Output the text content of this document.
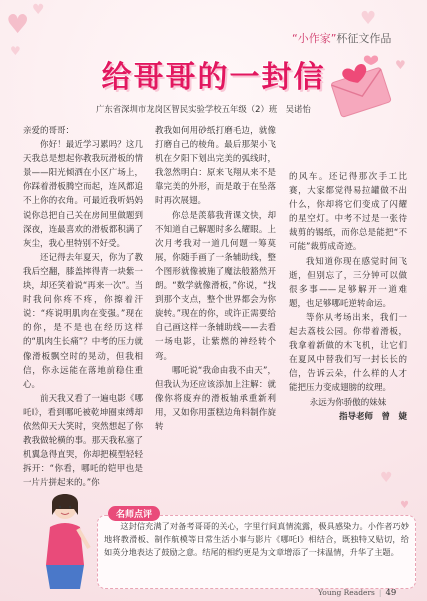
♥ ♥
♥
♥
♥
♥
♥
“小作家”杯征文作品
给哥哥的一封信
广东省深圳市龙岗区智民实验学校五年级（2）班　吴诺怡

亲爱的哥哥：

你好！最近学习累吗？这几天我总是想起你教我玩滑板的情景——阳光倾洒在小区广场上，你踩着滑板腾空而起，连风都追不上你的衣角。可最近我听妈妈说你总把自己关在房间里做题到深夜，连最喜欢的滑板都积满了灰尘，我心里特别不好受。

还记得去年夏天，你为了教我后空翻，膝盖摔得青一块紫一块，却还笑着说“再来一次”。当时我问你疼不疼，你擦着汗说：“疼说明肌肉在变强。”现在的你，是不是也在经历这样的“肌肉生长痛”？中考的压力就像滑板飘空时的晃动，但我相信，你永远能在落地前稳住重心。

前天我又看了一遍电影《哪吒Ⅰ》，看到哪吒被乾坤圈束缚却依然仰天大笑时，突然想起了你教我做轮横的事。那天我私塞了机翼急得直哭，你却把模型轻轻拆开：“你看，哪吒的铠甲也是一片片拼起来的。”你

教我如何用砂纸打磨毛边，就像打磨自己的棱角。最后那架小飞机在夕阳下划出完美的弧线时，我忽然明白：原来飞翔从来不是靠完美的外形，而是敢于在坠落时再次展翅。

你总是羡慕我背课文快，却不知道自己解题时多么耀眼。上次月考我对一道几何题一筹莫展，你随手画了一条辅助线，整个图形就像被施了魔法般豁然开朗。“数学就像滑板，”你说，“找到那个支点，整个世界都会为你旋转。”现在的你，或许正需要给自己画这样一条辅助线——去看一场电影，让紫燃的神经转个弯。

哪吒说“我命由我不由天”，但我认为还应该添加上注解：就像你将废弃的滑板轴承重新利用，又如你用蛋糕边角料制作旋转

的风车。还记得那次手工比赛，大家都觉得易拉罐做不出什么，你却将它们变成了闪耀的星空灯。中考不过是一张待裁剪的锡纸，而你总是能把“不可能”裁剪成奇迹。

我知道你现在感觉时间飞逝，但别忘了，三分钟可以做很多事——足够解开一道难题，也足够哪吒逆转命运。

等你从考场出来，我们一起去荔枝公园。你带着滑板，我拿着新做的木飞机，让它们在夏风中替我们写一封长长的信，告诉云朵，什么样的人才能把压力变成翅膀的纹理。

永远为你骄傲的妹妹

指导老师　曾　婕

名师点评
这封信充满了对备考哥哥的关心，字里行间真情流露，极具感染力。小作者巧妙地将教滑板、制作航模等日常生活小事与影片《哪吒Ⅰ》相结合，既独特又贴切，给如英分地表达了鼓励之意。结尾的相约更是为文章增添了一抹温情，升华了主题。
Young Readers | 49
